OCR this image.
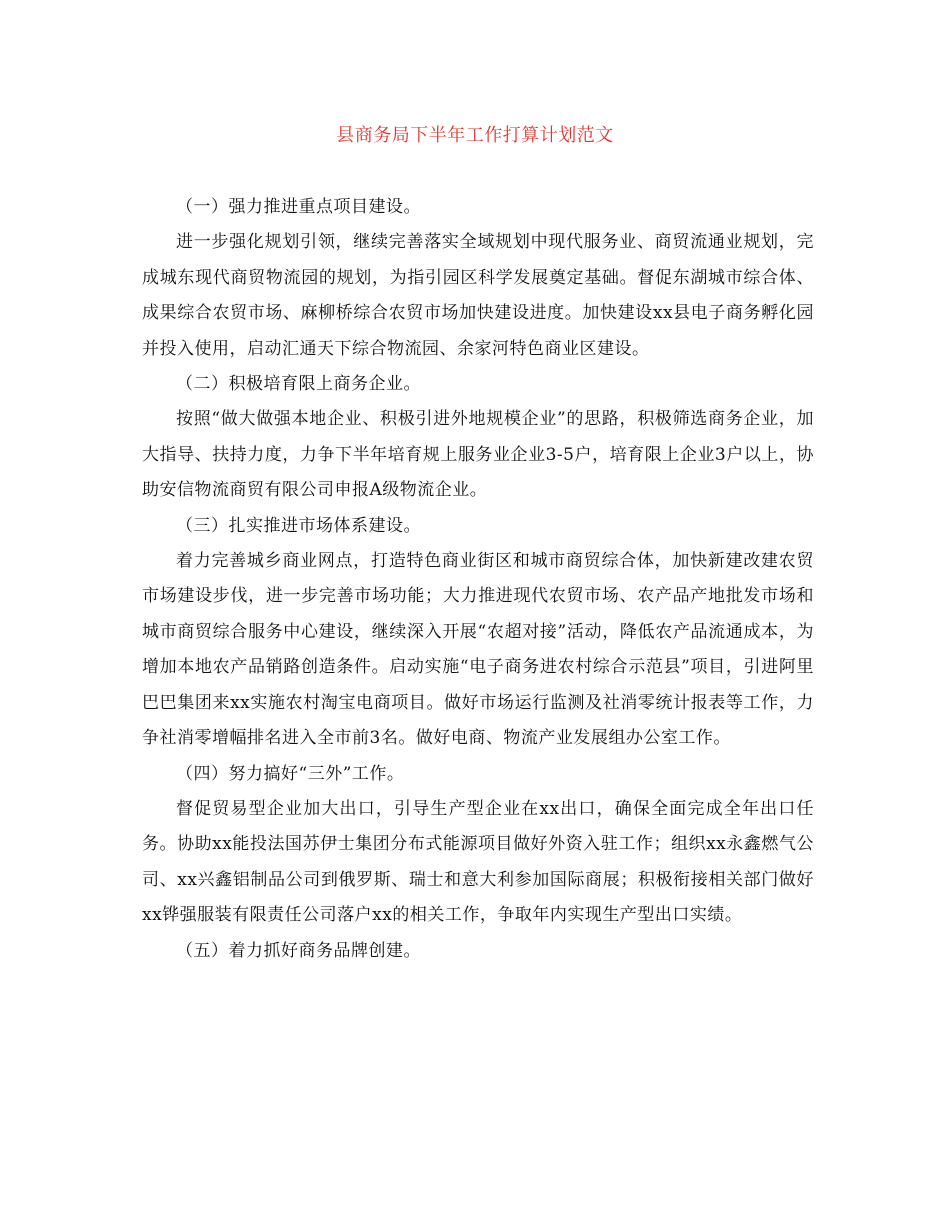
县商务局下半年工作打算计划范文

（一）强力推进重点项目建设。

进一步强化规划引领，继续完善落实全域规划中现代服务业、商贸流通业规划，完成城东现代商贸物流园的规划，为指引园区科学发展奠定基础。督促东湖城市综合体、成果综合农贸市场、麻柳桥综合农贸市场加快建设进度。加快建设xx县电子商务孵化园并投入使用，启动汇通天下综合物流园、余家河特色商业区建设。

（二）积极培育限上商务企业。

按照“做大做强本地企业、积极引进外地规模企业”的思路，积极筛选商务企业，加大指导、扶持力度，力争下半年培育规上服务业企业3-5户，培育限上企业3户以上，协助安信物流商贸有限公司申报A级物流企业。

（三）扎实推进市场体系建设。

着力完善城乡商业网点，打造特色商业街区和城市商贸综合体，加快新建改建农贸市场建设步伐，进一步完善市场功能；大力推进现代农贸市场、农产品产地批发市场和城市商贸综合服务中心建设，继续深入开展“农超对接”活动，降低农产品流通成本，为增加本地农产品销路创造条件。启动实施“电子商务进农村综合示范县”项目，引进阿里巴巴集团来xx实施农村淘宝电商项目。做好市场运行监测及社消零统计报表等工作，力争社消零增幅排名进入全市前3名。做好电商、物流产业发展组办公室工作。

（四）努力搞好“三外”工作。

督促贸易型企业加大出口，引导生产型企业在xx出口，确保全面完成全年出口任务。协助xx能投法国苏伊士集团分布式能源项目做好外资入驻工作；组织xx永鑫燃气公司、xx兴鑫铝制品公司到俄罗斯、瑞士和意大利参加国际商展；积极衔接相关部门做好xx铧强服装有限责任公司落户xx的相关工作，争取年内实现生产型出口实绩。

（五）着力抓好商务品牌创建。
